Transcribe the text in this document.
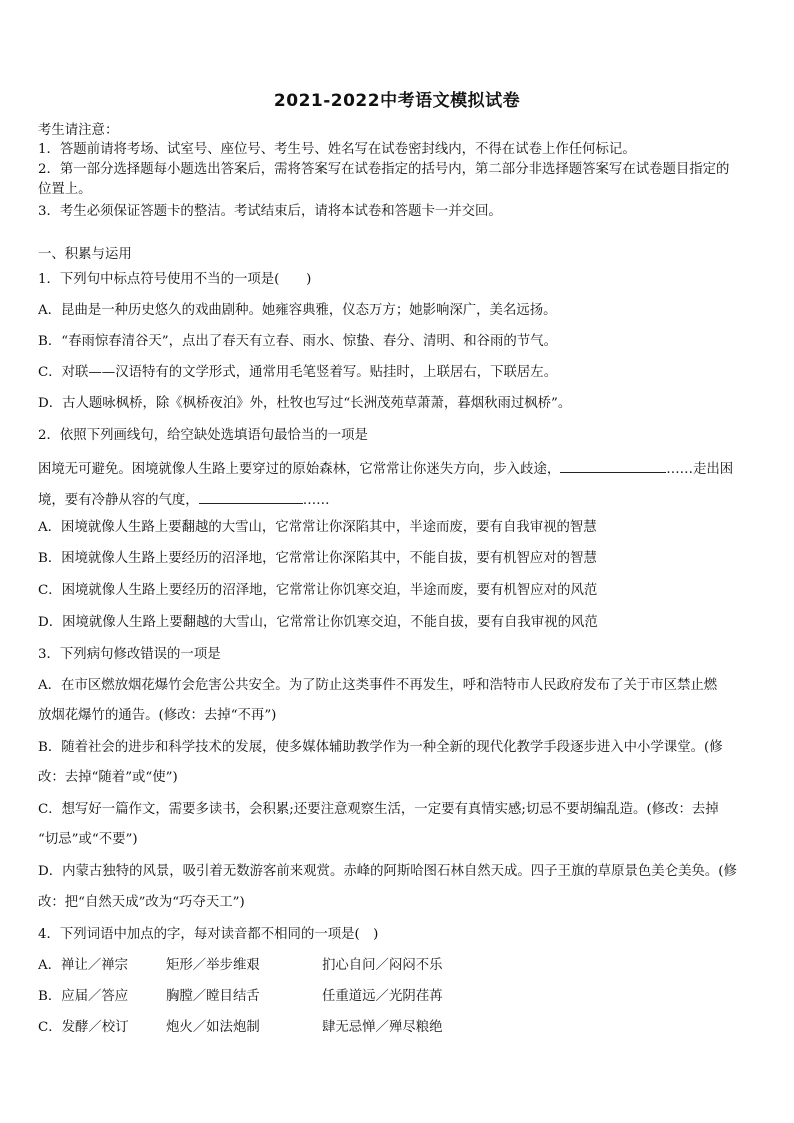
2021-2022中考语文模拟试卷
考生请注意：
1．答题前请将考场、试室号、座位号、考生号、姓名写在试卷密封线内，不得在试卷上作任何标记。
2．第一部分选择题每小题选出答案后，需将答案写在试卷指定的括号内，第二部分非选择题答案写在试卷题目指定的
位置上。
3．考生必须保证答题卡的整洁。考试结束后，请将本试卷和答题卡一并交回。
一、积累与运用
1．下列句中标点符号使用不当的一项是(　　)
A．昆曲是一种历史悠久的戏曲剧种。她雍容典雅，仪态万方；她影响深广，美名远扬。
B．“春雨惊春清谷天”，点出了春天有立春、雨水、惊蛰、春分、清明、和谷雨的节气。
C．对联——汉语特有的文学形式，通常用毛笔竖着写。贴挂时，上联居右，下联居左。
D．古人题咏枫桥，除《枫桥夜泊》外，杜牧也写过“长洲茂苑草萧萧，暮烟秋雨过枫桥”。
2．依照下列画线句，给空缺处选填语句最恰当的一项是
困境无可避免。困境就像人生路上要穿过的原始森林，它常常让你迷失方向，步入歧途，	……走出困
境，要有冷静从容的气度，	……
A．困境就像人生路上要翻越的大雪山，它常常让你深陷其中，半途而废，要有自我审视的智慧
B．困境就像人生路上要经历的沼泽地，它常常让你深陷其中，不能自拔，要有机智应对的智慧
C．困境就像人生路上要经历的沼泽地，它常常让你饥寒交迫，半途而废，要有机智应对的风范
D．困境就像人生路上要翻越的大雪山，它常常让你饥寒交迫，不能自拔，要有自我审视的风范
3．下列病句修改错误的一项是
A．在市区燃放烟花爆竹会危害公共安全。为了防止这类事件不再发生，呼和浩特市人民政府发布了关于市区禁止燃
放烟花爆竹的通告。(修改：去掉“不再”)
B．随着社会的进步和科学技术的发展，使多媒体辅助教学作为一种全新的现代化教学手段逐步进入中小学课堂。(修
改：去掉“随着”或“使”)
C．想写好一篇作文，需要多读书，会积累;还要注意观察生活，一定要有真情实感;切忌不要胡编乱造。(修改：去掉
“切忌”或“不要”)
D．内蒙古独特的风景，吸引着无数游客前来观赏。赤峰的阿斯哈图石林自然天成。四子王旗的草原景色美仑美奂。(修
改：把“自然天成”改为“巧夺天工”)
4．下列词语中加点的字，每对读音都不相同的一项是(　)
A．禅让／禅宗	矩形／举步维艰	扪心自问／闷闷不乐
B．应届／答应	胸膛／瞠目结舌	任重道远／光阴荏苒
C．发酵／校订	炮火／如法炮制	肆无忌惮／殚尽粮绝
